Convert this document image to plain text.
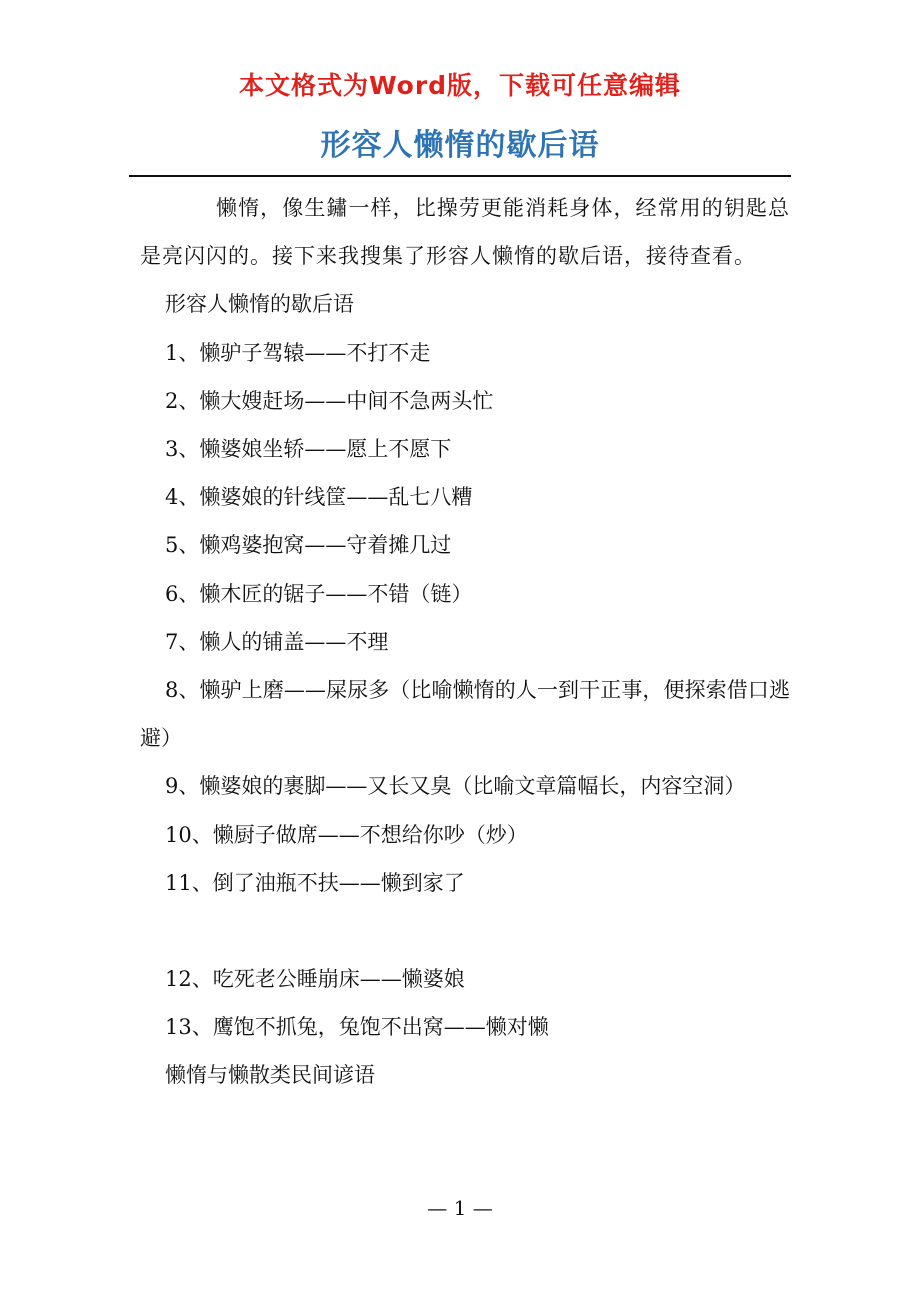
本文格式为Word版，下载可任意编辑
形容人懒惰的歇后语

懒惰，像生鏽一样，比操劳更能消耗身体，经常用的钥匙总是亮闪闪的。接下来我搜集了形容人懒惰的歇后语，接待查看。

形容人懒惰的歇后语

1、懒驴子驾辕——不打不走

2、懒大嫂赶场——中间不急两头忙

3、懒婆娘坐轿——愿上不愿下

4、懒婆娘的针线筐——乱七八糟

5、懒鸡婆抱窝——守着摊几过

6、懒木匠的锯子——不错（链）

7、懒人的铺盖——不理

8、懒驴上磨——屎尿多（比喻懒惰的人一到干正事，便探索借口逃避）

9、懒婆娘的裹脚——又长又臭（比喻文章篇幅长，内容空洞）

10、懒厨子做席——不想给你吵（炒）

11、倒了油瓶不扶——懒到家了

12、吃死老公睡崩床——懒婆娘

13、鹰饱不抓兔，兔饱不出窝——懒对懒

懒惰与懒散类民间谚语

— 1 —
